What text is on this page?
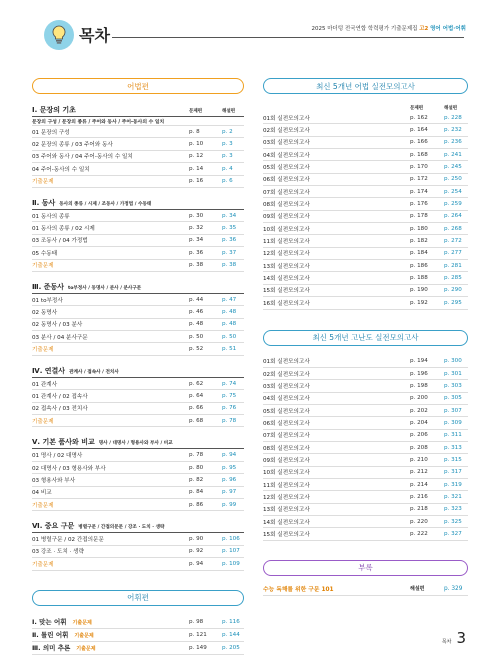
목차	2025 마더텅 전국연합 학력평가 기출문제집 고2 영어 어법·어휘
어법편
Ⅰ. 문장의 기초	문제편	해설편
문장의 구성 / 문장의 종류 / 주어와 동사 / 주어-동사의 수 일치
01 문장의 구성	p. 8	p. 2
02 문장의 종류 / 03 주어와 동사	p. 10	p. 3
03 주어와 동사 / 04 주어-동사의 수 일치	p. 12	p. 3
04 주어-동사의 수 일치	p. 14	p. 4
기출문제	p. 16	p. 6
Ⅱ. 동사 동사의 종류 / 시제 / 조동사 / 가정법 / 수동태
01 동사의 종류	p. 30	p. 34
01 동사의 종류 / 02 시제	p. 32	p. 35
03 조동사 / 04 가정법	p. 34	p. 36
05 수동태	p. 36	p. 37
기출문제	p. 38	p. 38
Ⅲ. 준동사 to부정사 / 동명사 / 분사 / 분사구문
01 to부정사	p. 44	p. 47
02 동명사	p. 46	p. 48
02 동명사 / 03 분사	p. 48	p. 48
03 분사 / 04 분사구문	p. 50	p. 50
기출문제	p. 52	p. 51
Ⅳ. 연결사 관계사 / 접속사 / 전치사
01 관계사	p. 62	p. 74
01 관계사 / 02 접속사	p. 64	p. 75
02 접속사 / 03 전치사	p. 66	p. 76
기출문제	p. 68	p. 78
Ⅴ. 기본 품사와 비교 명사 / 대명사 / 형용사와 부사 / 비교
01 명사 / 02 대명사	p. 78	p. 94
02 대명사 / 03 형용사와 부사	p. 80	p. 95
03 형용사와 부사	p. 82	p. 96
04 비교	p. 84	p. 97
기출문제	p. 86	p. 99
Ⅵ. 중요 구문 병렬구문 / 간접의문문 / 강조 · 도치 · 생략
01 병렬구문 / 02 간접의문문	p. 90	p. 106
03 강조 · 도치 · 생략	p. 92	p. 107
기출문제	p. 94	p. 109
어휘편
Ⅰ. 맞는 어휘 기출문제	p. 98	p. 116
Ⅱ. 틀린 어휘 기출문제	p. 121	p. 144
Ⅲ. 의미 추론 기출문제	p. 149	p. 205
최신 5개년 어법 실전모의고사
문제편	해설편
01회 실전모의고사	p. 162	p. 228
02회 실전모의고사	p. 164	p. 232
03회 실전모의고사	p. 166	p. 236
04회 실전모의고사	p. 168	p. 241
05회 실전모의고사	p. 170	p. 245
06회 실전모의고사	p. 172	p. 250
07회 실전모의고사	p. 174	p. 254
08회 실전모의고사	p. 176	p. 259
09회 실전모의고사	p. 178	p. 264
10회 실전모의고사	p. 180	p. 268
11회 실전모의고사	p. 182	p. 272
12회 실전모의고사	p. 184	p. 277
13회 실전모의고사	p. 186	p. 281
14회 실전모의고사	p. 188	p. 285
15회 실전모의고사	p. 190	p. 290
16회 실전모의고사	p. 192	p. 295
최신 5개년 고난도 실전모의고사
01회 실전모의고사	p. 194	p. 300
02회 실전모의고사	p. 196	p. 301
03회 실전모의고사	p. 198	p. 303
04회 실전모의고사	p. 200	p. 305
05회 실전모의고사	p. 202	p. 307
06회 실전모의고사	p. 204	p. 309
07회 실전모의고사	p. 206	p. 311
08회 실전모의고사	p. 208	p. 313
09회 실전모의고사	p. 210	p. 315
10회 실전모의고사	p. 212	p. 317
11회 실전모의고사	p. 214	p. 319
12회 실전모의고사	p. 216	p. 321
13회 실전모의고사	p. 218	p. 323
14회 실전모의고사	p. 220	p. 325
15회 실전모의고사	p. 222	p. 327
부록
수능 독해를 위한 구문 101	해설편	p. 329
목차 3
